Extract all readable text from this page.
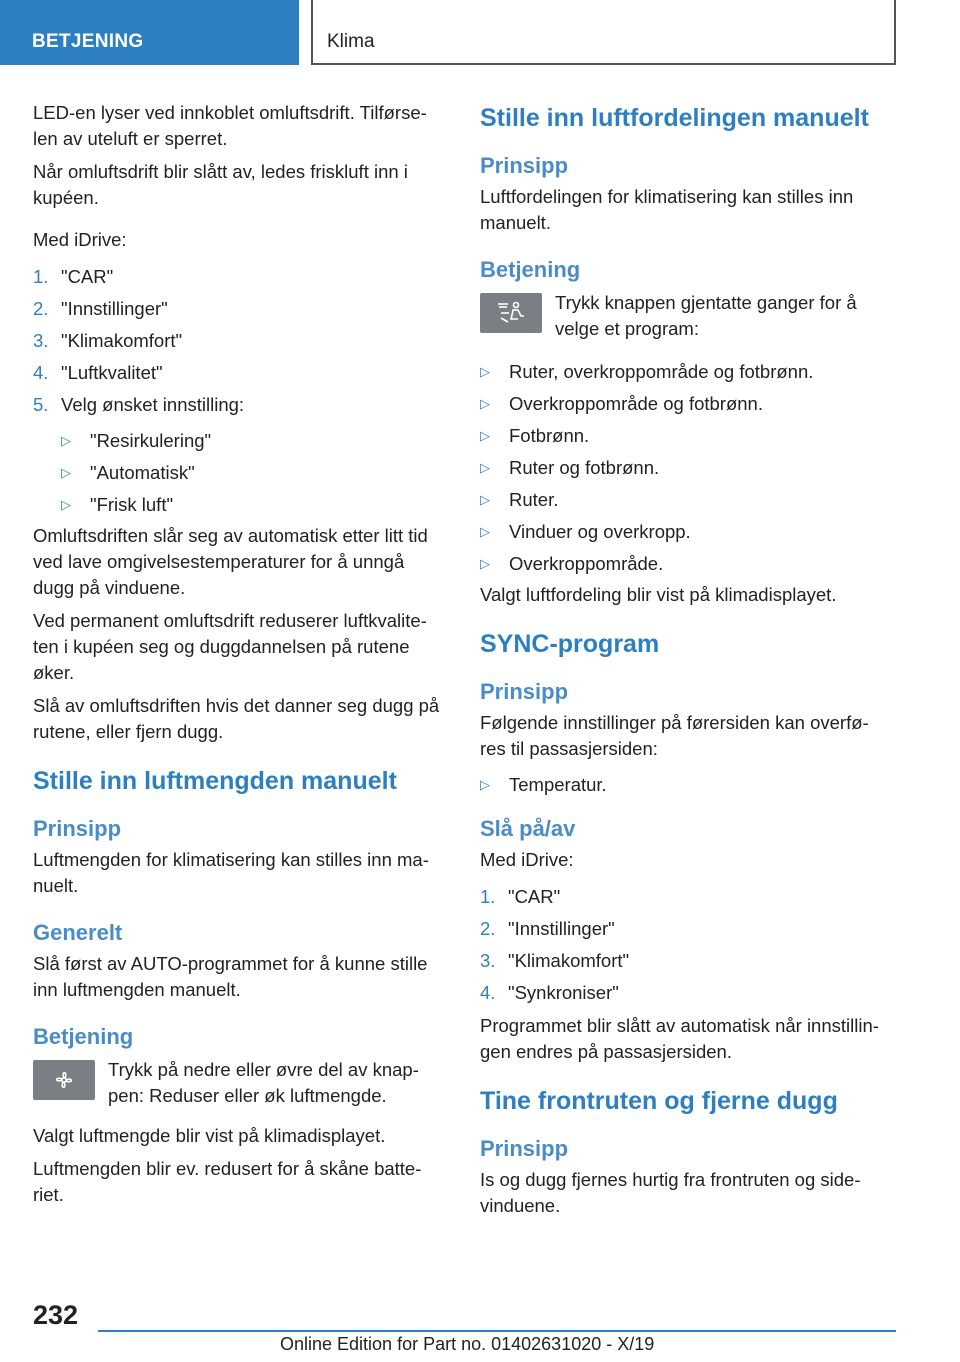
BETJENING	Klima

LED-en lyser ved innkoblet omluftsdrift. Tilførse-len av uteluft er sperret.

Når omluftsdrift blir slått av, ledes friskluft inn i kupéen.

Med iDrive:

1. "CAR"
2. "Innstillinger"
3. "Klimakomfort"
4. "Luftkvalitet"
5. Velg ønsket innstilling:
▷	"Resirkulering"
▷	"Automatisk"
▷	"Frisk luft"

Omluftsdriften slår seg av automatisk etter litt tid ved lave omgivelsestemperaturer for å unngå dugg på vinduene.

Ved permanent omluftsdrift reduserer luftkvalite-ten i kupéen seg og duggdannelsen på rutene øker.

Slå av omluftsdriften hvis det danner seg dugg på rutene, eller fjern dugg.

Stille inn luftmengden manuelt
Prinsipp

Luftmengden for klimatisering kan stilles inn ma-nuelt.

Generelt

Slå først av AUTO-programmet for å kunne stille inn luftmengden manuelt.

Betjening

Trykk på nedre eller øvre del av knap-pen: Reduser eller øk luftmengde.

Valgt luftmengde blir vist på klimadisplayet.

Luftmengden blir ev. redusert for å skåne batte-riet.

Stille inn luftfordelingen manuelt
Prinsipp

Luftfordelingen for klimatisering kan stilles inn manuelt.

Betjening

Trykk knappen gjentatte ganger for å velge et program:

▷	Ruter, overkroppområde og fotbrønn.
▷	Overkroppområde og fotbrønn.
▷	Fotbrønn.
▷	Ruter og fotbrønn.
▷	Ruter.
▷	Vinduer og overkropp.
▷	Overkroppområde.

Valgt luftfordeling blir vist på klimadisplayet.

SYNC-program
Prinsipp

Følgende innstillinger på førersiden kan overfø-res til passasjersiden:

▷	Temperatur.
Slå på/av

Med iDrive:

1. "CAR"
2. "Innstillinger"
3. "Klimakomfort"
4. "Synkroniser"

Programmet blir slått av automatisk når innstillin-gen endres på passasjersiden.

Tine frontruten og fjerne dugg
Prinsipp

Is og dugg fjernes hurtig fra frontruten og side-vinduene.

232
Online Edition for Part no. 01402631020 - X/19
